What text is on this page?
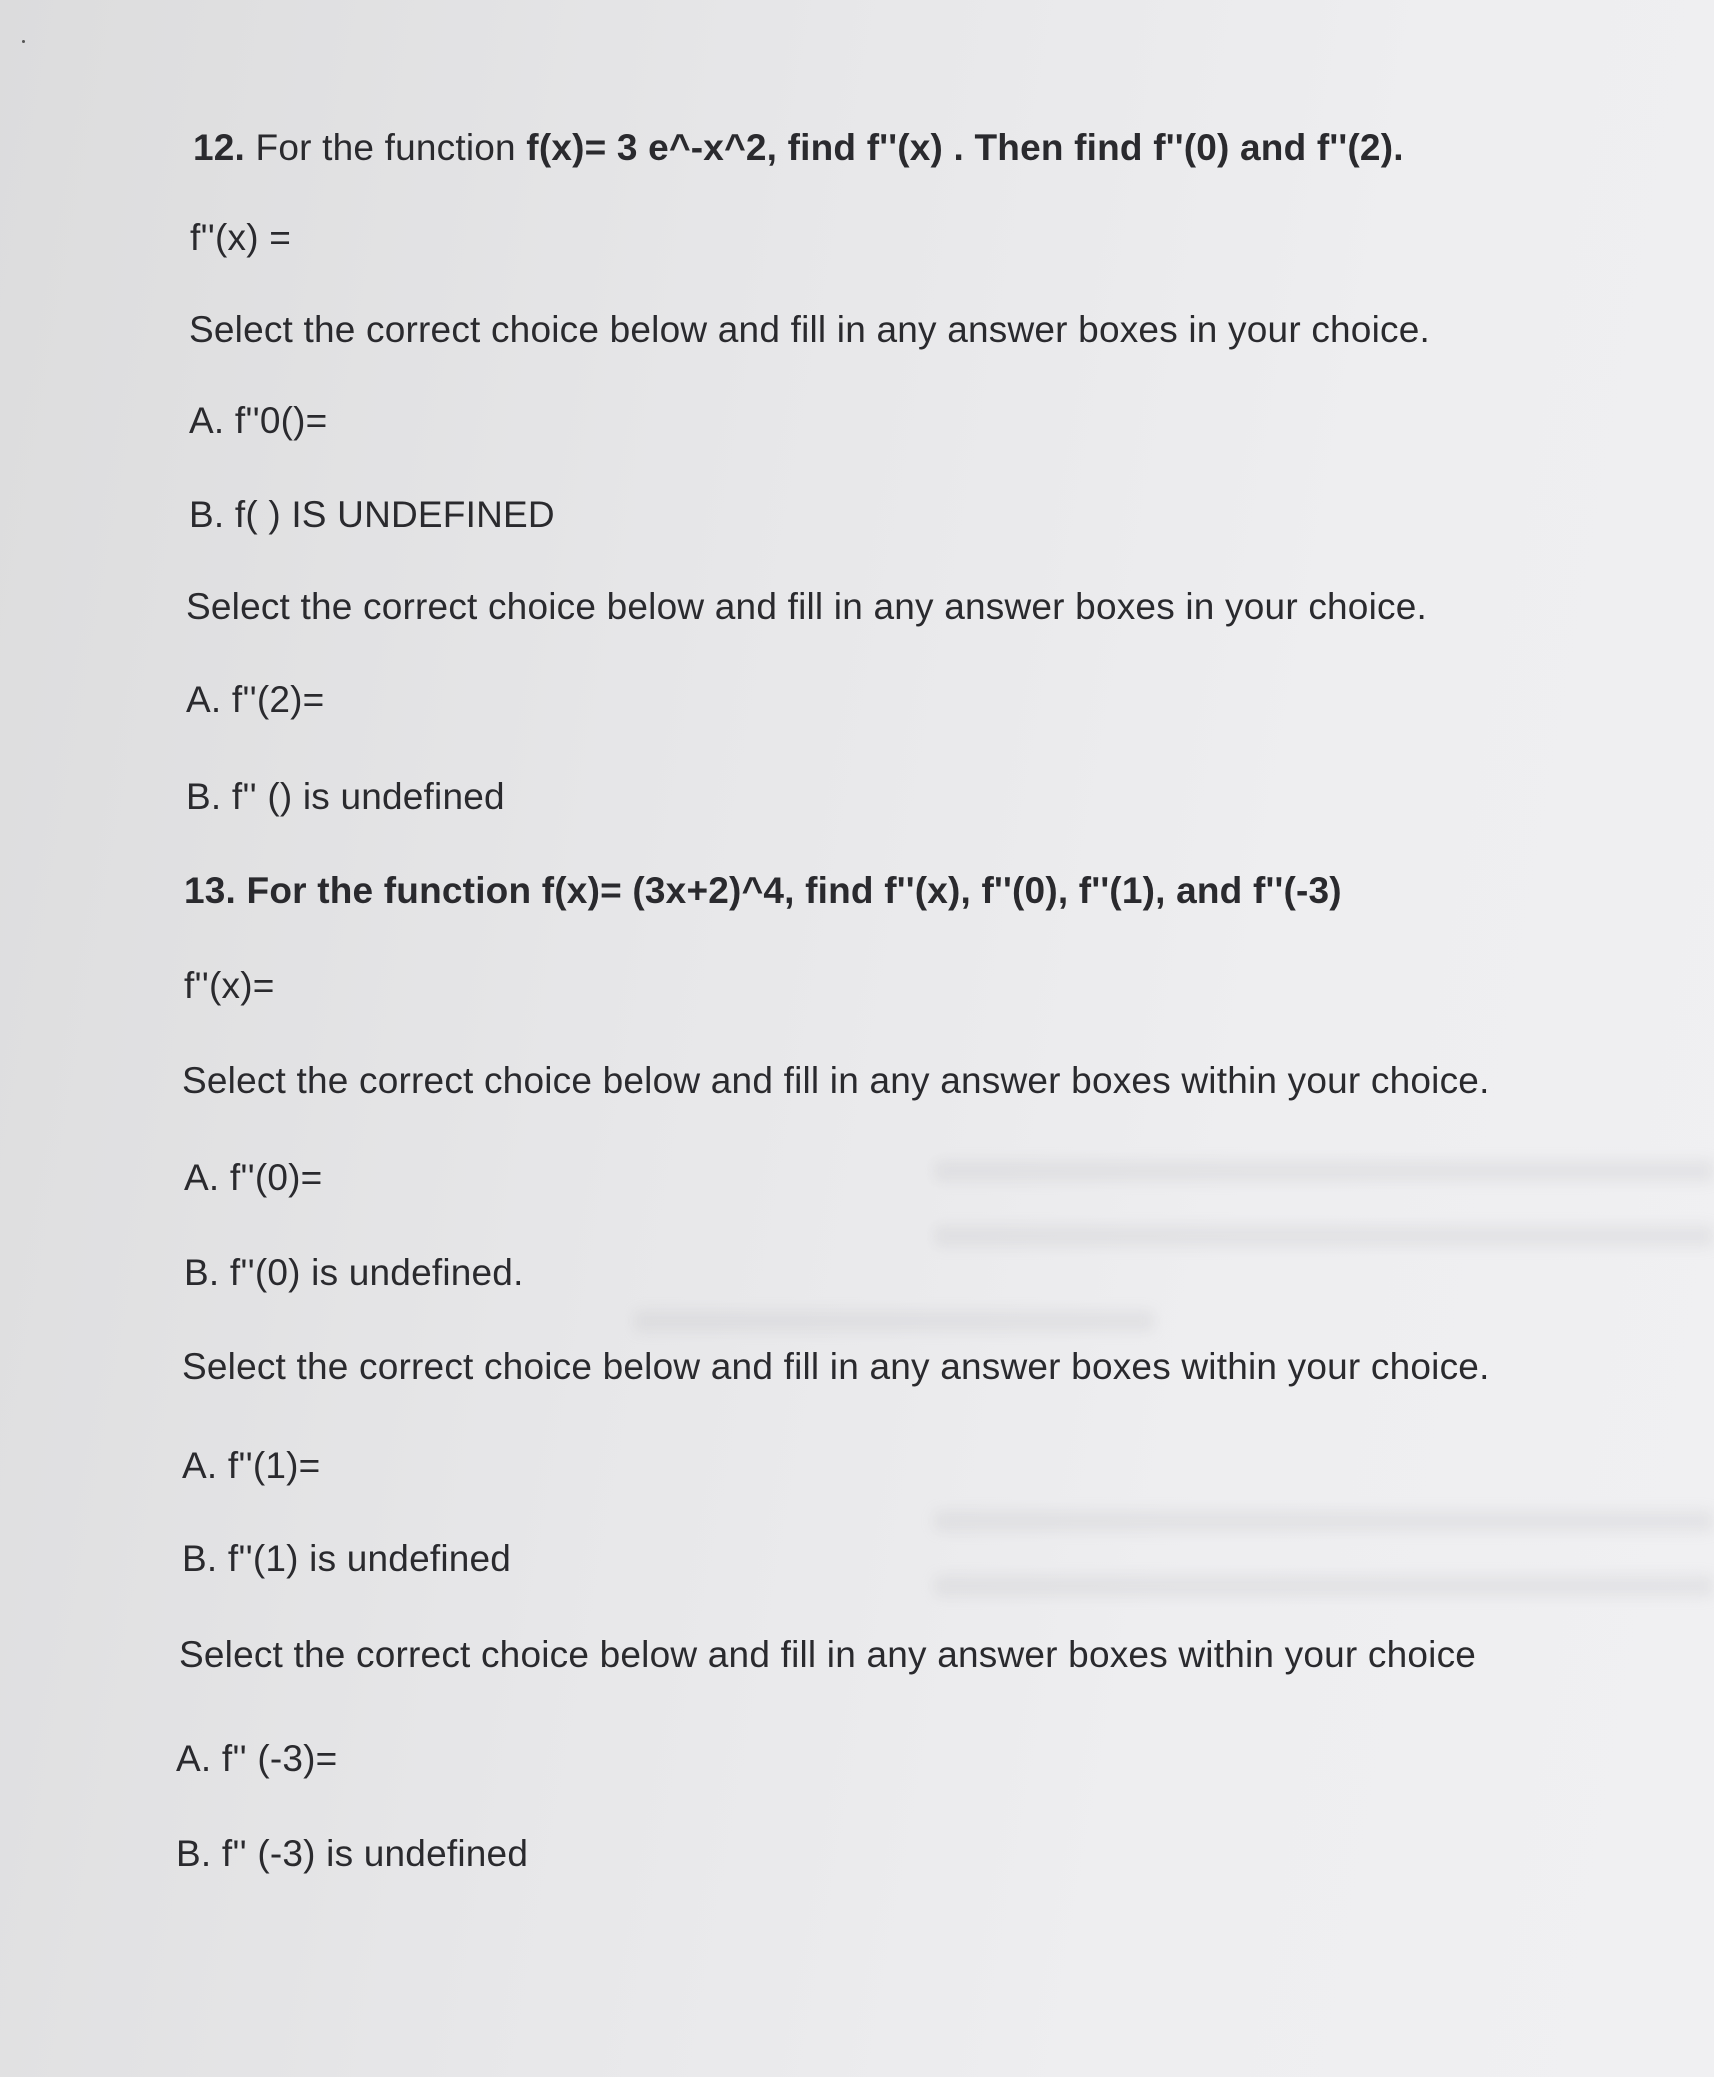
12. For the function f(x)= 3 e^-x^2, find f''(x) . Then find f''(0) and f''(2).
f''(x) =
Select the correct choice below and fill in any answer boxes in your choice.
A. f''0()=
B. f( ) IS UNDEFINED
Select the correct choice below and fill in any answer boxes in your choice.
A. f''(2)=
B. f'' () is undefined
13. For the function f(x)= (3x+2)^4, find f''(x), f''(0), f''(1), and f''(-3)
f''(x)=
Select the correct choice below and fill in any answer boxes within your choice.
A. f''(0)=
B. f''(0) is undefined.
Select the correct choice below and fill in any answer boxes within your choice.
A. f''(1)=
B. f''(1) is undefined
Select the correct choice below and fill in any answer boxes within your choice
A. f'' (-3)=
B. f'' (-3) is undefined
